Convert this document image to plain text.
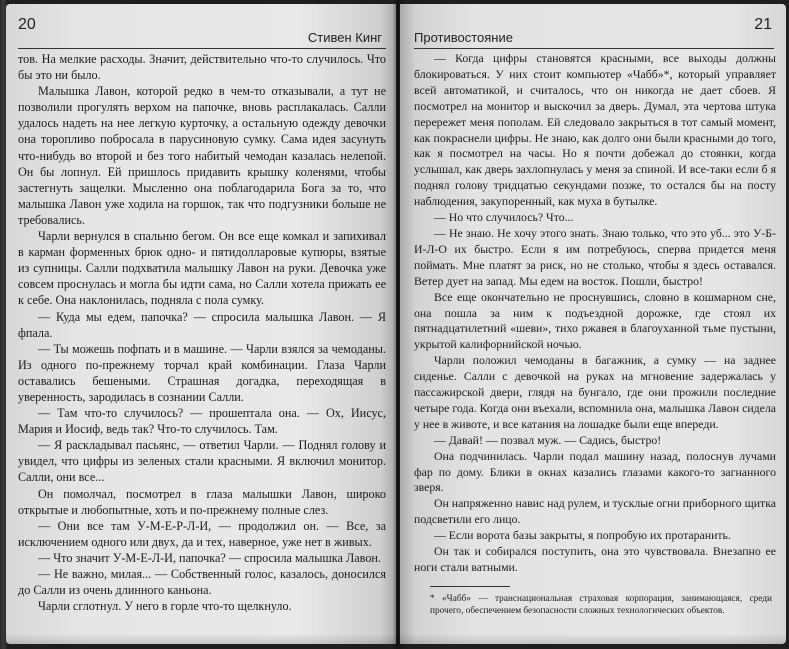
20
Стивен Кинг

тов. На мелкие расходы. Значит, действительно что-то случилось. Что бы это ни было.

Малышка Лавон, которой редко в чем-то отказывали, а тут не позволили прогулять верхом на папочке, вновь расплакалась. Салли удалось надеть на нее легкую курточку, а остальную одежду девочки она торопливо побросала в парусиновую сумку. Сама идея засунуть что-нибудь во второй и без того набитый чемодан казалась нелепой. Он бы лопнул. Ей пришлось придавить крышку коленями, чтобы застегнуть защелки. Мысленно она поблагодарила Бога за то, что малышка Лавон уже ходила на горшок, так что подгузники больше не требовались.

Чарли вернулся в спальню бегом. Он все еще комкал и запихивал в карман форменных брюк одно- и пятидолларовые купюры, взятые из супницы. Салли подхватила малышку Лавон на руки. Девочка уже совсем проснулась и могла бы идти сама, но Салли хотела прижать ее к себе. Она наклонилась, подняла с пола сумку.

— Куда мы едем, папочка? — спросила малышка Лавон. — Я фпала.

— Ты можешь пофпать и в машине. — Чарли взялся за чемоданы. Из одного по-прежнему торчал край комбинации. Глаза Чарли оставались бешеными. Страшная догадка, переходящая в уверенность, зародилась в сознании Салли.

— Там что-то случилось? — прошептала она. — Ох, Иисус, Мария и Иосиф, ведь так? Что-то случилось. Там.

— Я раскладывал пасьянс, — ответил Чарли. — Поднял голову и увидел, что цифры из зеленых стали красными. Я включил монитор. Салли, они все...

Он помолчал, посмотрел в глаза малышки Лавон, широко открытые и любопытные, хоть и по-прежнему полные слез.

— Они все там У-М-Е-Р-Л-И, — продолжил он. — Все, за исключением одного или двух, да и тех, наверное, уже нет в живых.

— Что значит У-М-Е-Л-И, папочка? — спросила малышка Лавон.

— Не важно, милая... — Собственный голос, казалось, доносился до Салли из очень длинного каньона.

Чарли сглотнул. У него в горле что-то щелкнуло.

21
Противостояние

— Когда цифры становятся красными, все выходы должны блокироваться. У них стоит компьютер «Чабб»*, который управляет всей автоматикой, и считалось, что он никогда не дает сбоев. Я посмотрел на монитор и выскочил за дверь. Думал, эта чертова штука перережет меня пополам. Ей следовало закрыться в тот самый момент, как покраснели цифры. Не знаю, как долго они были красными до того, как я посмотрел на часы. Но я почти добежал до стоянки, когда услышал, как дверь захлопнулась у меня за спиной. И все-таки если б я поднял голову тридцатью секундами позже, то остался бы на посту наблюдения, закупоренный, как муха в бутылке.

— Но что случилось? Что...

— Не знаю. Не хочу этого знать. Знаю только, что это уб... это У-Б-И-Л-О их быстро. Если я им потребуюсь, сперва придется меня поймать. Мне платят за риск, но не столько, чтобы я здесь оставался. Ветер дует на запад. Мы едем на восток. Пошли, быстро!

Все еще окончательно не проснувшись, словно в кошмарном сне, она пошла за ним к подъездной дорожке, где стоял их пятнадцатилетний «шеви», тихо ржавея в благоуханной тьме пустыни, укрытой калифорнийской ночью.

Чарли положил чемоданы в багажник, а сумку — на заднее сиденье. Салли с девочкой на руках на мгновение задержалась у пассажирской двери, глядя на бунгало, где они прожили последние четыре года. Когда они въехали, вспомнила она, малышка Лавон сидела у нее в животе, и все катания на лошадке были еще впереди.

— Давай! — позвал муж. — Садись, быстро!

Она подчинилась. Чарли подал машину назад, полоснув лучами фар по дому. Блики в окнах казались глазами какого-то загнанного зверя.

Он напряженно навис над рулем, и тусклые огни приборного щитка подсветили его лицо.

— Если ворота базы закрыты, я попробую их протаранить.

Он так и собирался поступить, она это чувствовала. Внезапно ее ноги стали ватными.

* «Чабб» — транснациональная страховая корпорация, занимающаяся, среди прочего, обеспечением безопасности сложных технологических объектов.
